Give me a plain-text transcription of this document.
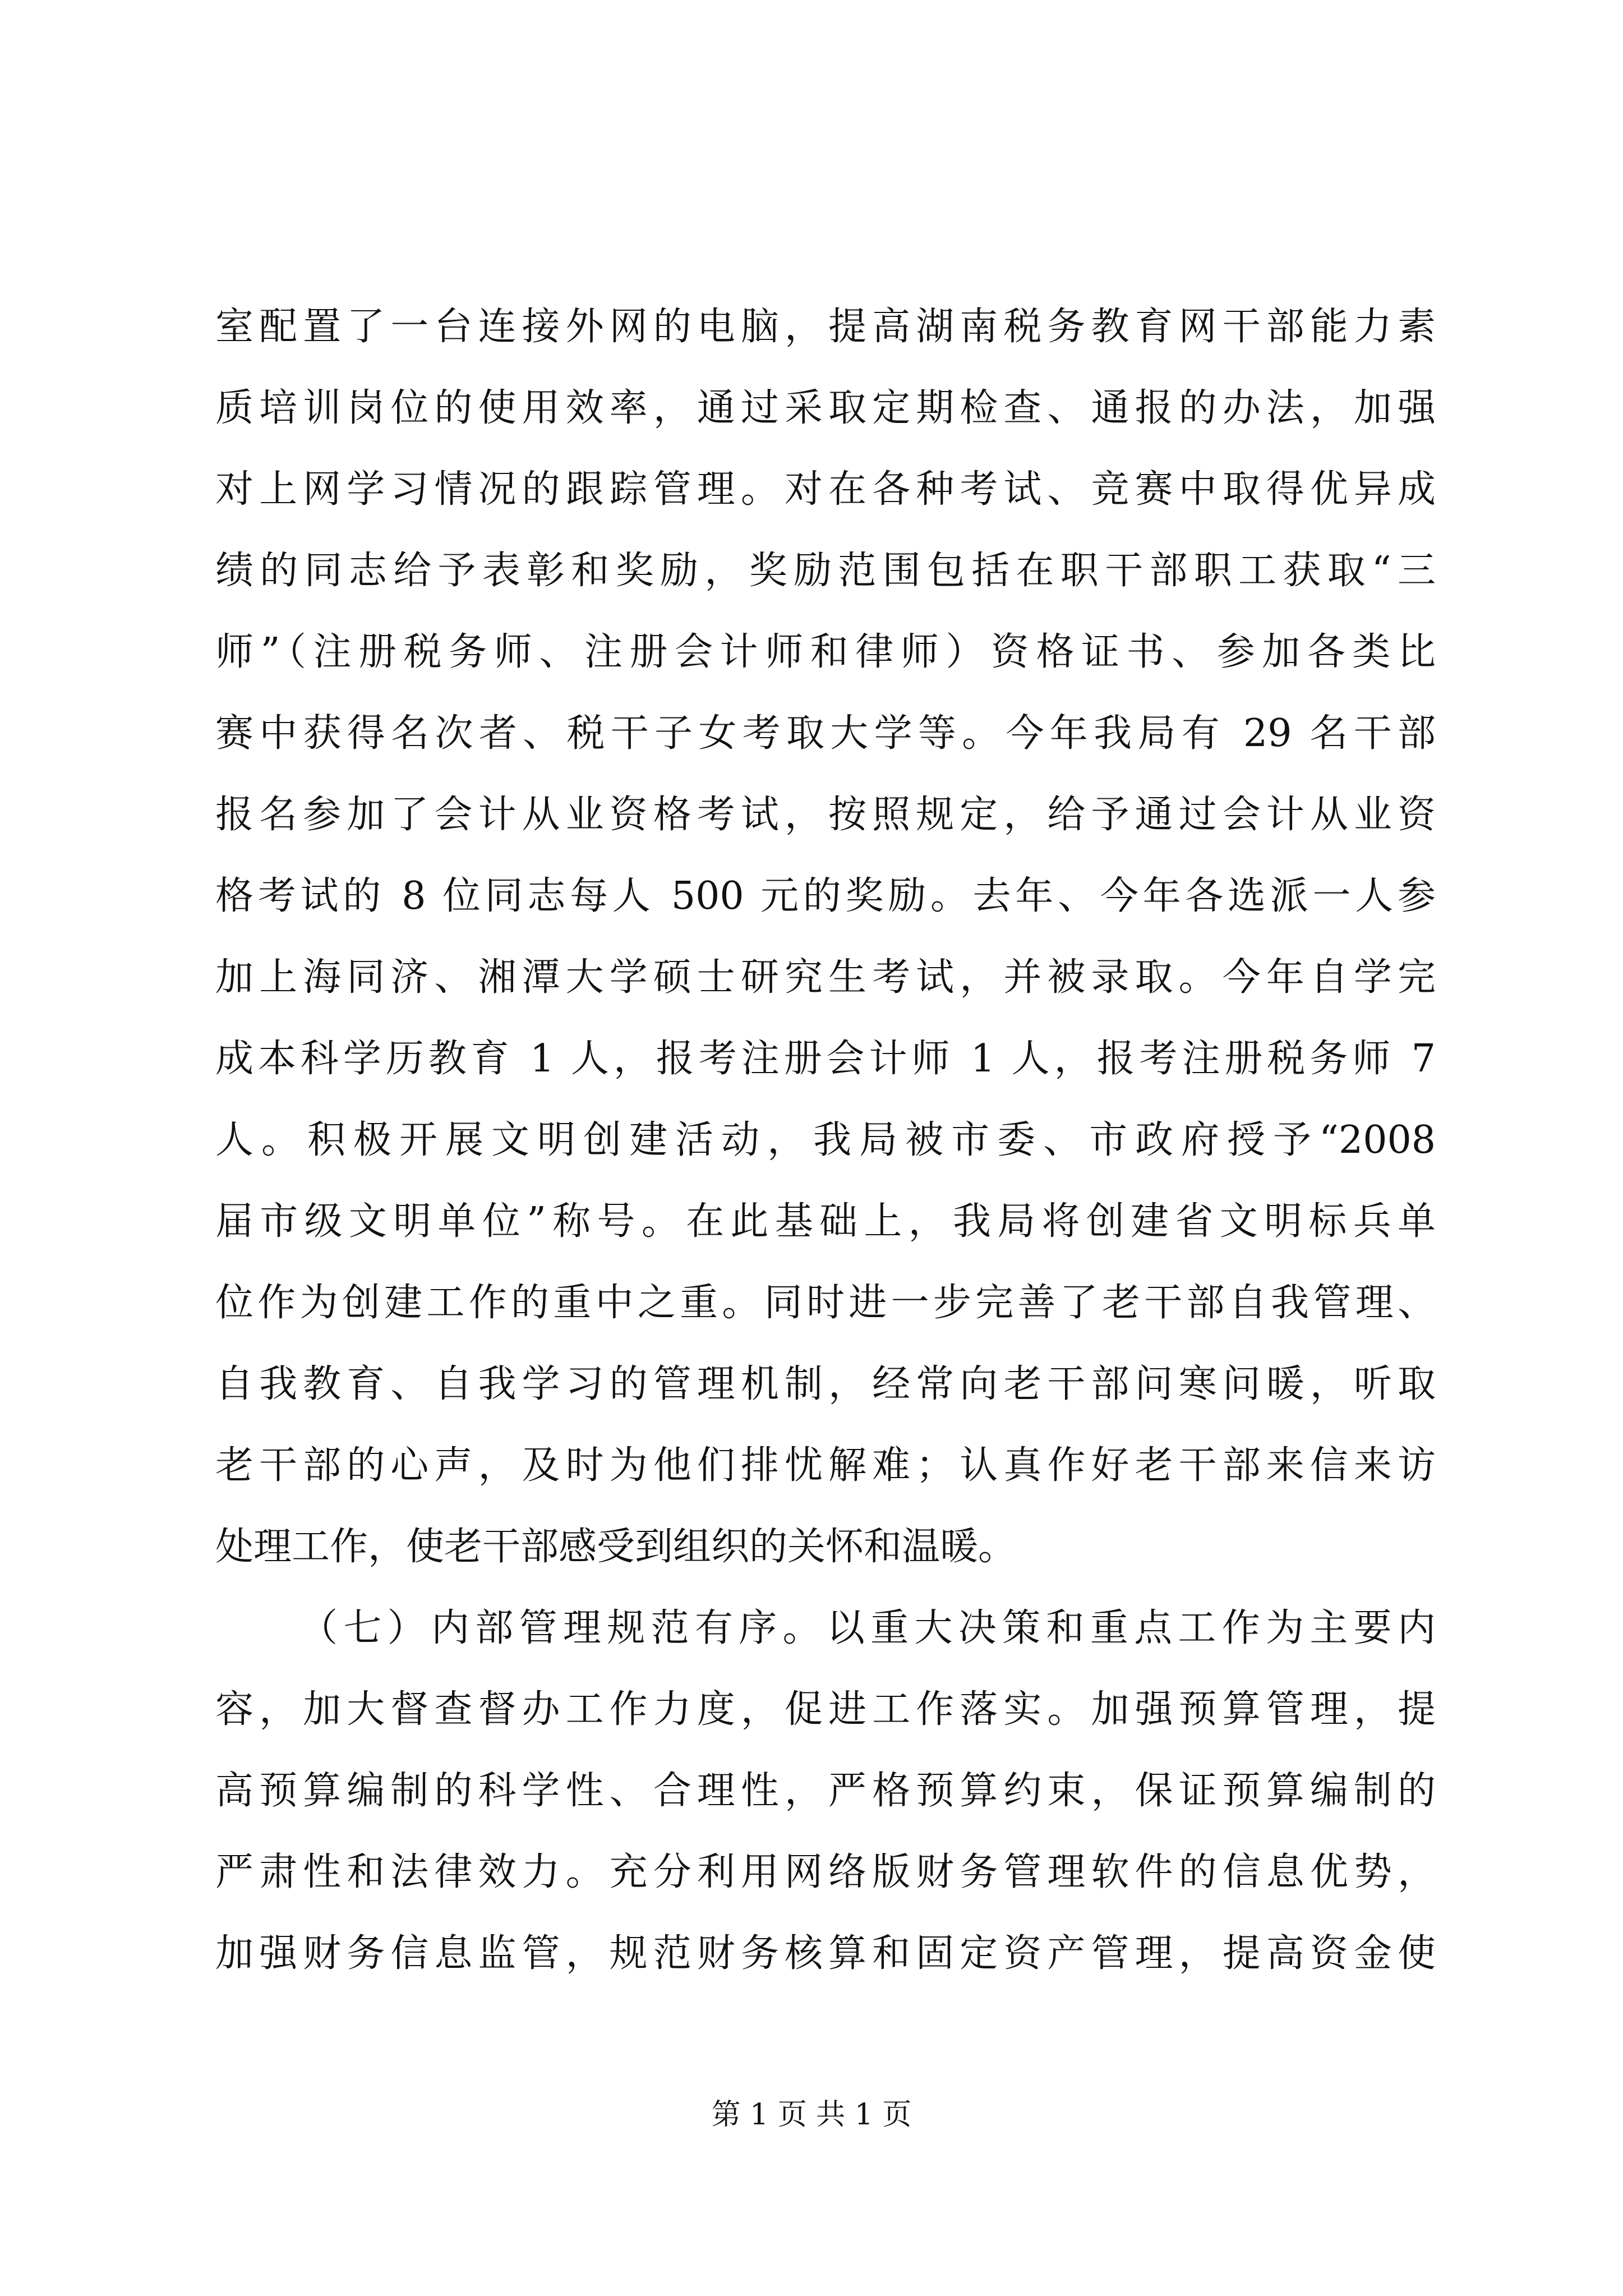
室配置了一台连接外网的电脑，提高湖南税务教育网干部能力素
质培训岗位的使用效率，通过采取定期检查、通报的办法，加强
对上网学习情况的跟踪管理。对在各种考试、竞赛中取得优异成
绩的同志给予表彰和奖励，奖励范围包括在职干部职工获取“三
师”（注册税务师、注册会计师和律师）资格证书、参加各类比
赛中获得名次者、税干子女考取大学等。今年我局有 29 名干部
报名参加了会计从业资格考试，按照规定，给予通过会计从业资
格考试的 8 位同志每人 500 元的奖励。去年、今年各选派一人参
加上海同济、湘潭大学硕士研究生考试，并被录取。今年自学完
成本科学历教育 1 人，报考注册会计师 1 人，报考注册税务师 7
人。积极开展文明创建活动，我局被市委、市政府授予“2008
届市级文明单位”称号。在此基础上，我局将创建省文明标兵单
位作为创建工作的重中之重。同时进一步完善了老干部自我管理、
自我教育、自我学习的管理机制，经常向老干部问寒问暖，听取
老干部的心声，及时为他们排忧解难；认真作好老干部来信来访
处理工作，使老干部感受到组织的关怀和温暖。
（七）内部管理规范有序。以重大决策和重点工作为主要内
容，加大督查督办工作力度，促进工作落实。加强预算管理，提
高预算编制的科学性、合理性，严格预算约束，保证预算编制的
严肃性和法律效力。充分利用网络版财务管理软件的信息优势，
加强财务信息监管，规范财务核算和固定资产管理，提高资金使
第 1 页 共 1 页
